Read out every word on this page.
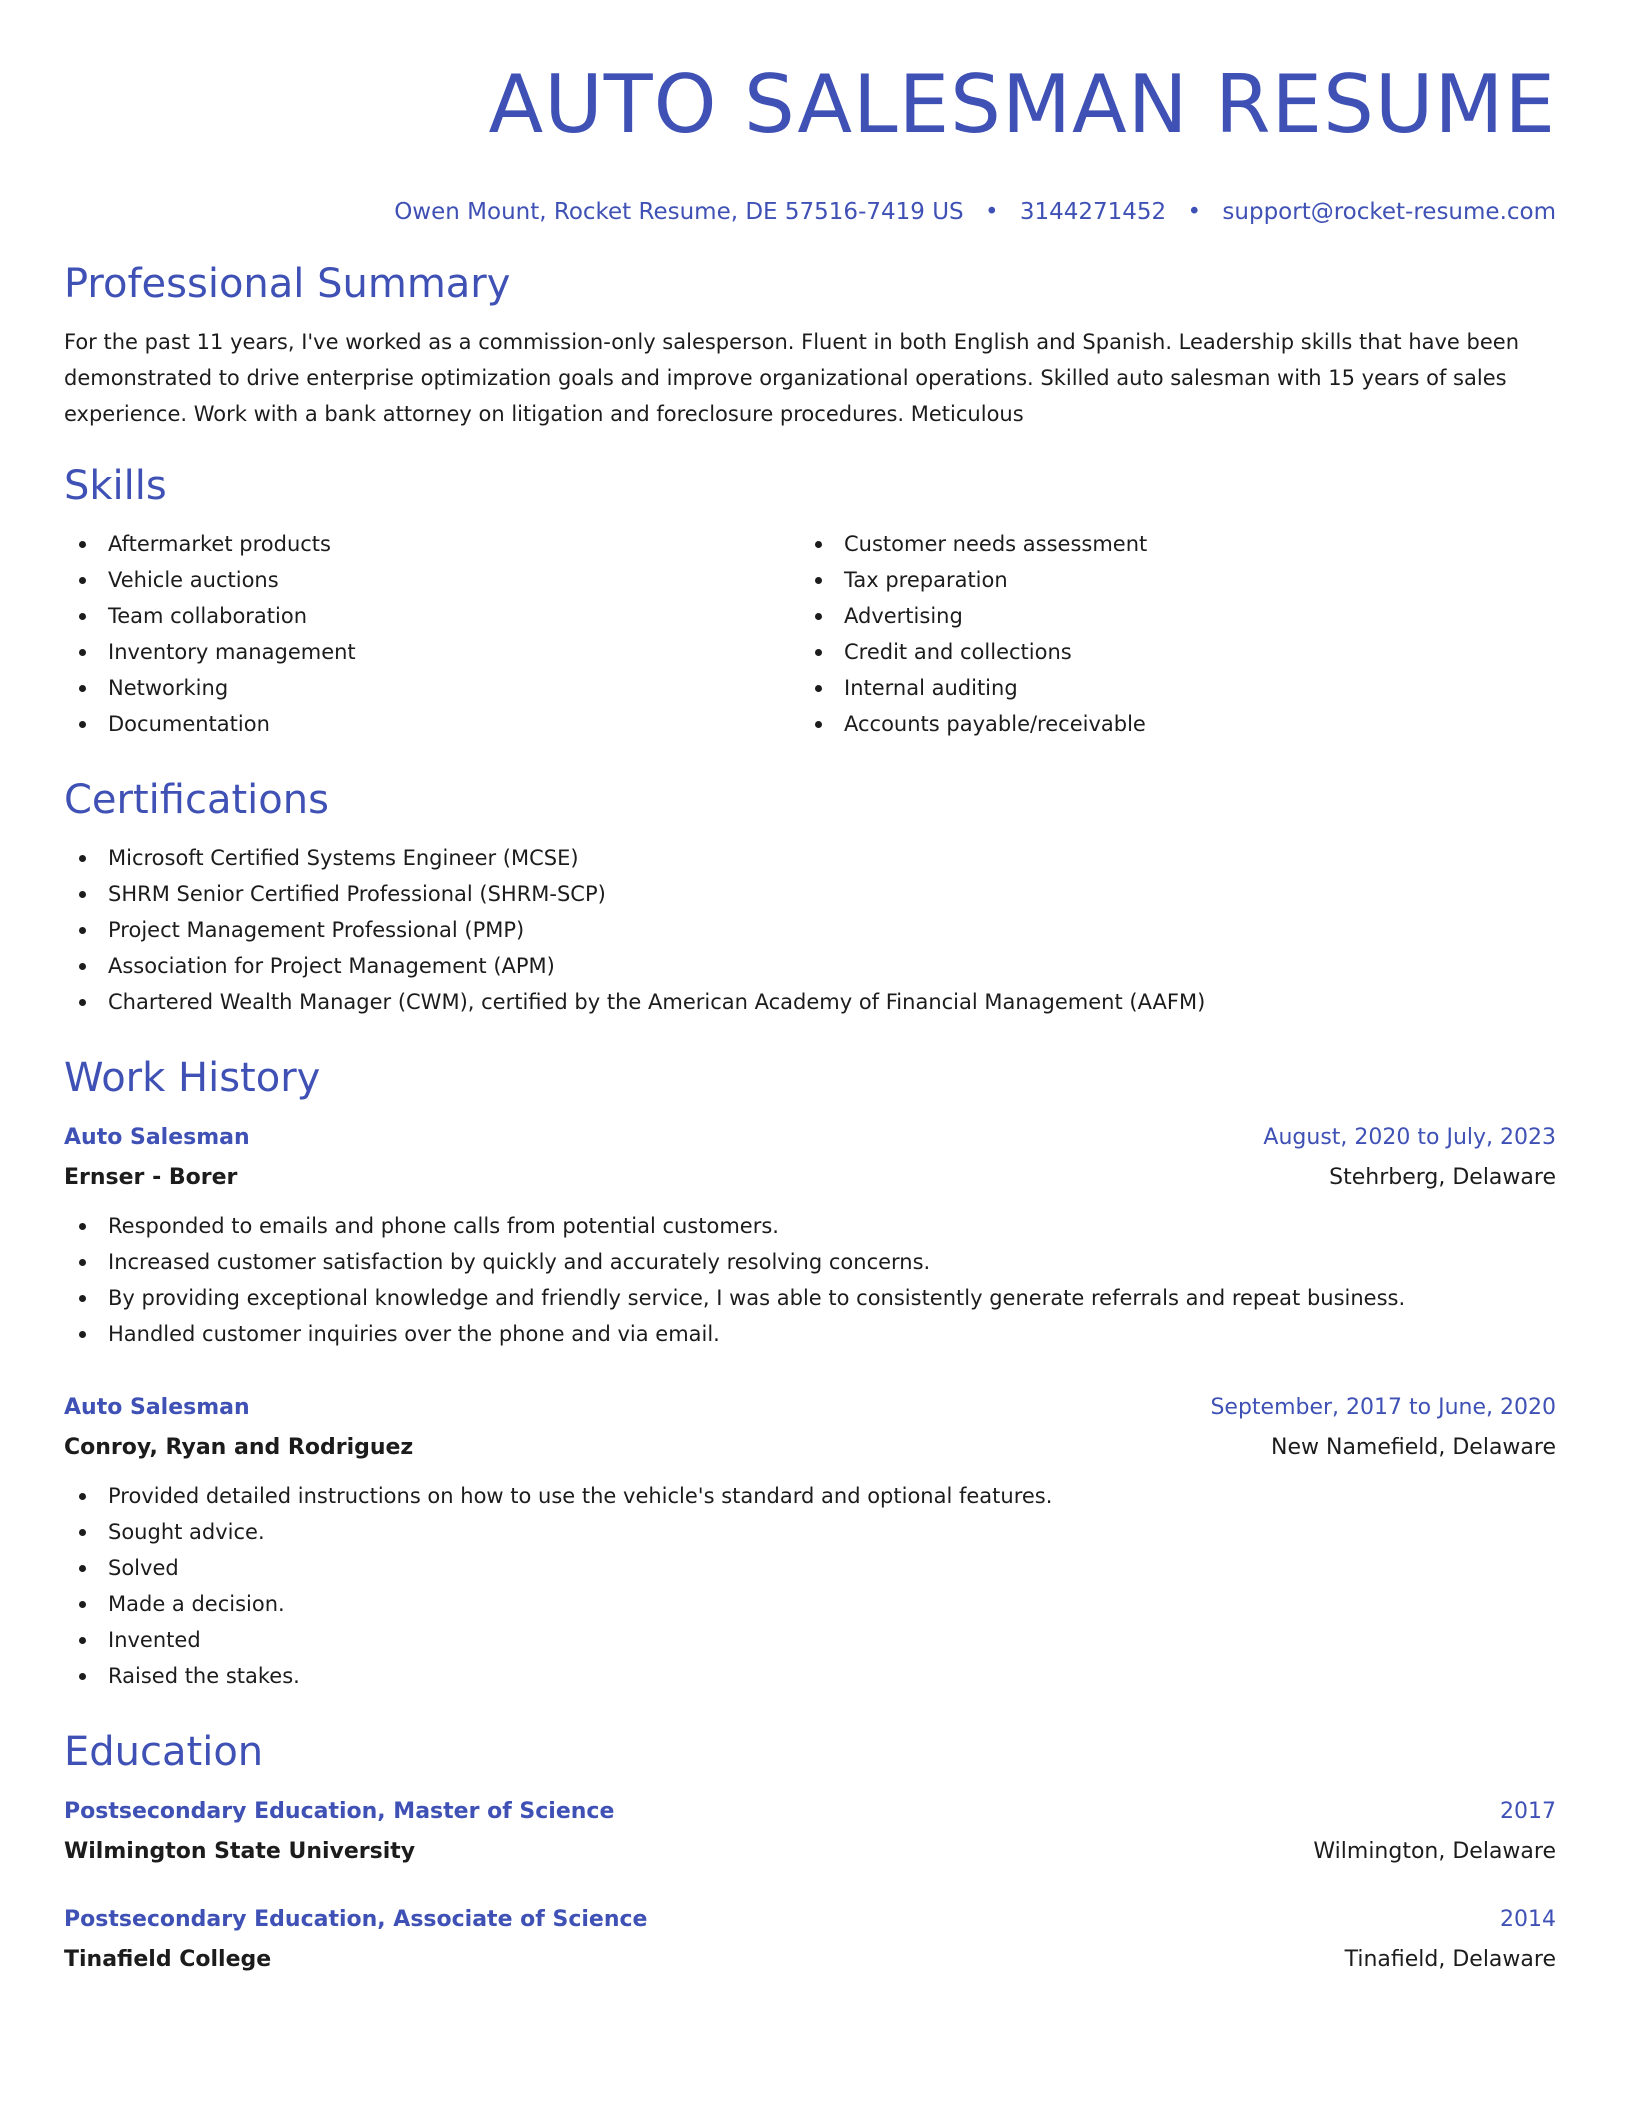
AUTO SALESMAN RESUME
Owen Mount, Rocket Resume, DE 57516-7419 US • 3144271452 • support@rocket-resume.com
Professional Summary

For the past 11 years, I've worked as a commission-only salesperson. Fluent in both English and Spanish. Leadership skills that have been demonstrated to drive enterprise optimization goals and improve organizational operations. Skilled auto salesman with 15 years of sales experience. Work with a bank attorney on litigation and foreclosure procedures. Meticulous

Skills
Aftermarket products
Vehicle auctions
Team collaboration
Inventory management
Networking
Documentation
Customer needs assessment
Tax preparation
Advertising
Credit and collections
Internal auditing
Accounts payable/receivable
Certifications
Microsoft Certified Systems Engineer (MCSE)
SHRM Senior Certified Professional (SHRM-SCP)
Project Management Professional (PMP)
Association for Project Management (APM)
Chartered Wealth Manager (CWM), certified by the American Academy of Financial Management (AAFM)
Work History
Auto Salesman	August, 2020 to July, 2023
Ernser - Borer	Stehrberg, Delaware
Responded to emails and phone calls from potential customers.
Increased customer satisfaction by quickly and accurately resolving concerns.
By providing exceptional knowledge and friendly service, I was able to consistently generate referrals and repeat business.
Handled customer inquiries over the phone and via email.
Auto Salesman	September, 2017 to June, 2020
Conroy, Ryan and Rodriguez	New Namefield, Delaware
Provided detailed instructions on how to use the vehicle's standard and optional features.
Sought advice.
Solved
Made a decision.
Invented
Raised the stakes.
Education
Postsecondary Education, Master of Science	2017
Wilmington State University	Wilmington, Delaware
Postsecondary Education, Associate of Science	2014
Tinafield College	Tinafield, Delaware
